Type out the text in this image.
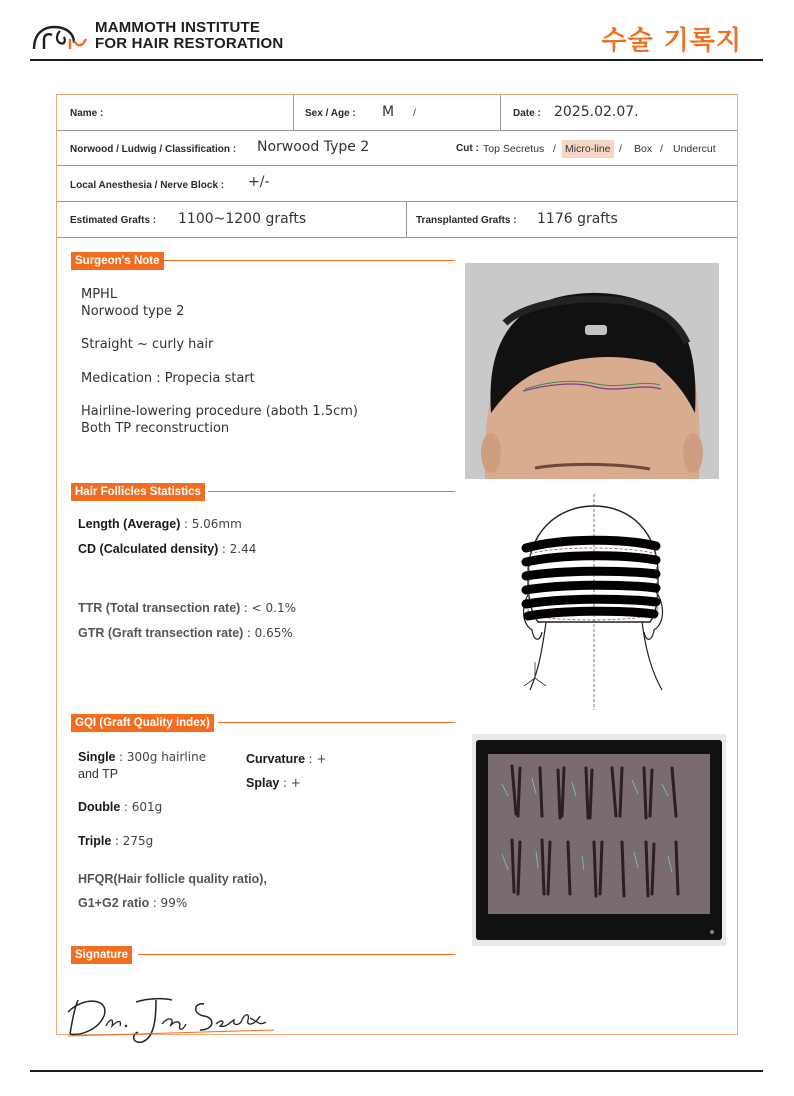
MAMMOTH INSTITUTE
FOR HAIR RESTORATION	수술 기록지
Name :	Sex / Age : M /	Date : 2025.02.07.
Norwood / Ludwig / Classification : Norwood Type 2	Cut : Top Secretus / Micro-line / Box / Undercut
Local Anesthesia / Nerve Block : +/-
Estimated Grafts : 1100~1200 grafts	Transplanted Grafts : 1176 grafts
Surgeon's Note
MPHL
Norwood type 2
Straight ~ curly hair
Medication : Propecia start
Hairline-lowering procedure (aboth 1.5cm)
Both TP reconstruction
Hair Follicles Statistics
Length (Average) : 5.06mm
CD (Calculated density) : 2.44
TTR (Total transection rate) : < 0.1%
GTR (Graft transection rate) : 0.65%
GQI (Graft Quality index)
Single : 300g hairline
and TP
Curvature : +
Splay : +
Double : 601g
Triple : 275g
HFQR(Hair follicle quality ratio),
G1+G2 ratio : 99%
Signature
